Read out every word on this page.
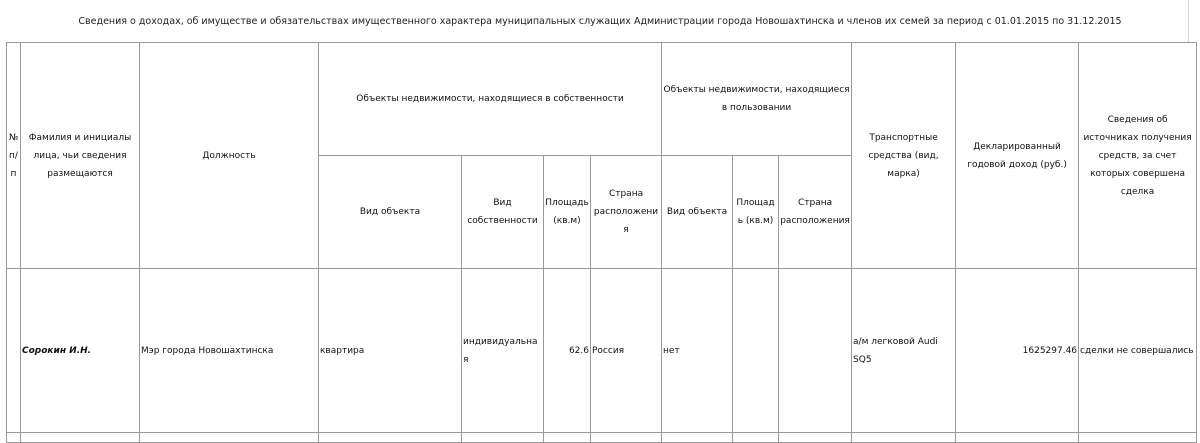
Сведения о доходах, об имуществе и обязательствах имущественного характера муниципальных служащих Администрации города Новошахтинска и членов их семей за период с 01.01.2015 по 31.12.2015
№ п/п	Фамилия и инициалы лица, чьи сведения размещаются	Должность	Объекты недвижимости, находящиеся в собственности				Объекты недвижимости, находящиеся в пользовании			Транспортные средства (вид, марка)	Декларированный годовой доход (руб.)	Сведения об источниках получения средств, за счет которых совершена сделка
			Вид объекта	Вид собственности	Площадь (кв.м)	Страна расположения	Вид объекта	Площадь (кв.м)	Страна расположения			
	Сорокин И.Н.	Мэр города Новошахтинска	квартира	индивидуальная	62.6	Россия	нет			а/м легковой Audi SQ5	1625297.46	сделки не совершались
